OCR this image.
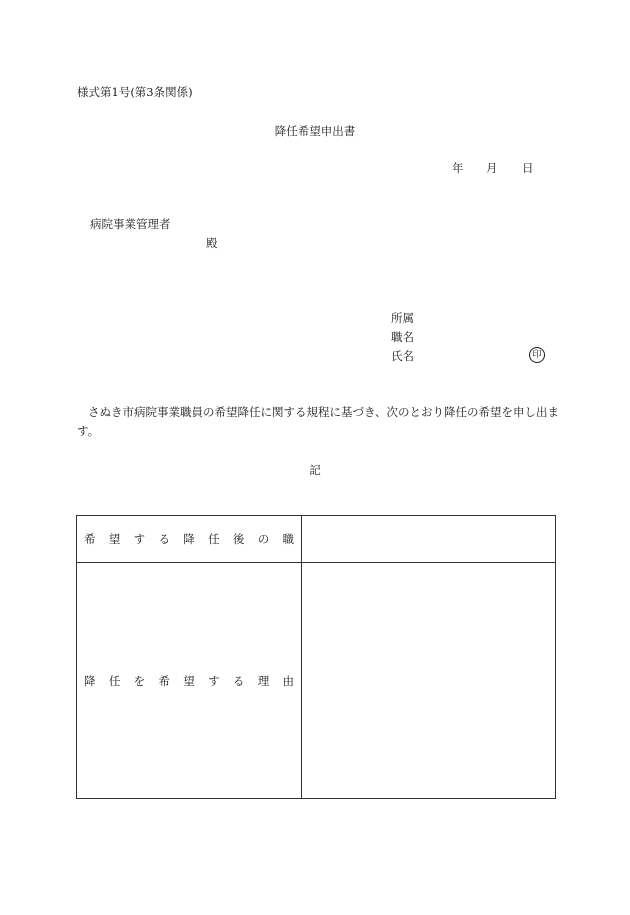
様式第1号(第3条関係)
降任希望申出書
年 月 日
病院事業管理者
殿
所属
職名
氏名	印
さぬき市病院事業職員の希望降任に関する規程に基づき、次のとおり降任の希望を申し出ます。
記
希 望 す る 降 任 後 の 職
降 任 を 希 望 す る 理 由
